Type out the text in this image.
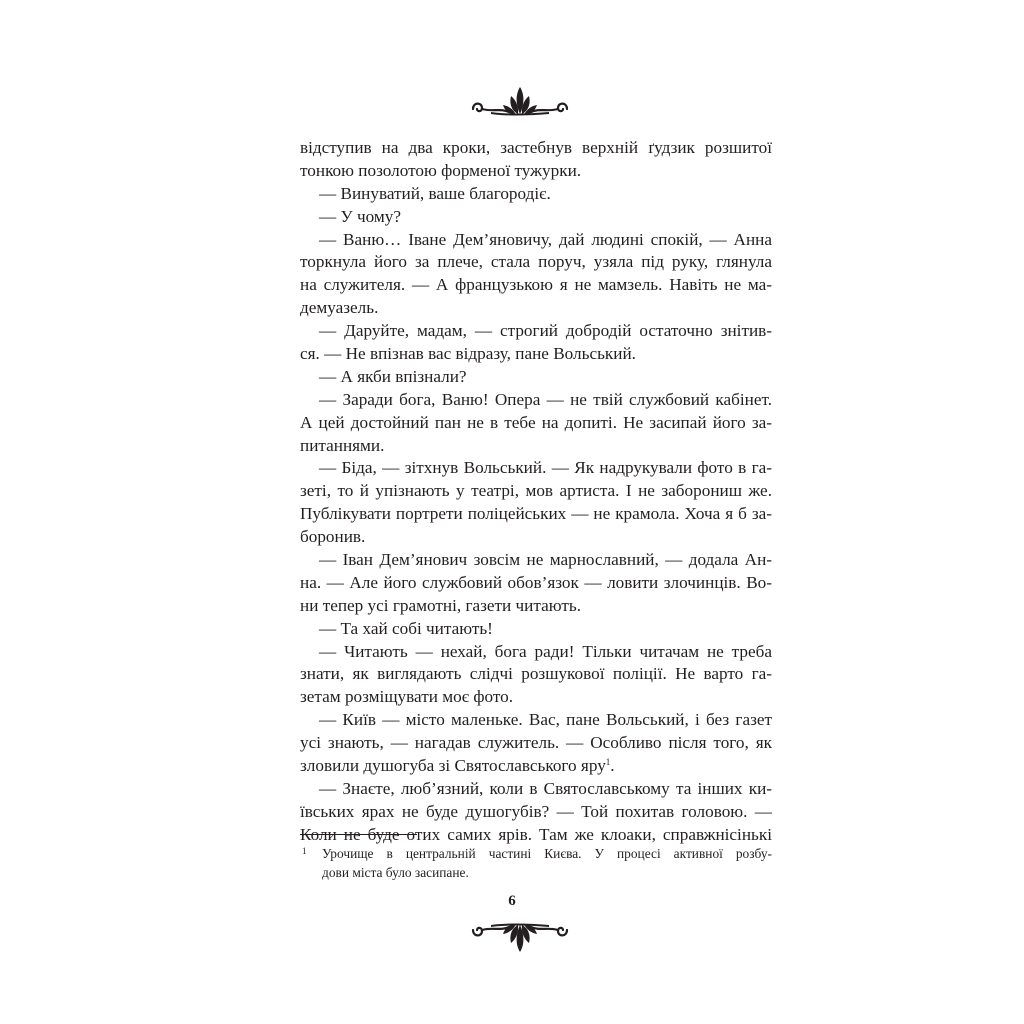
відступив на два кроки, застебнув верхній ґудзик розшитої
тонкою позолотою форменої тужурки.
— Винуватий, ваше благородіє.
— У чому?
— Ваню… Іване Дем’яновичу, дай людині спокій, — Анна
торкнула його за плече, стала поруч, узяла під руку, глянула
на служителя. — А французькою я не мамзель. Навіть не ма-
демуазель.
— Даруйте, мадам, — строгий добродій остаточно знітив-
ся. — Не впізнав вас відразу, пане Вольський.
— А якби впізнали?
— Заради бога, Ваню! Опера — не твій службовий кабінет.
А цей достойний пан не в тебе на допиті. Не засипай його за-
питаннями.
— Біда, — зітхнув Вольський. — Як надрукували фото в га-
зеті, то й упізнають у театрі, мов артиста. І не заборониш же.
Публікувати портрети поліцейських — не крамола. Хоча я б за-
боронив.
— Іван Дем’янович зовсім не марнославний, — додала Ан-
на. — Але його службовий обов’язок — ловити злочинців. Во-
ни тепер усі грамотні, газети читають.
— Та хай собі читають!
— Читають — нехай, бога ради! Тільки читачам не треба
знати, як виглядають слідчі розшукової поліції. Не варто га-
зетам розміщувати моє фото.
— Київ — місто маленьке. Вас, пане Вольський, і без газет
усі знають, — нагадав служитель. — Особливо після того, як
зловили душогуба зі Святославського яру$^1$.
— Знаєте, люб’язний, коли в Святославському та інших ки-
ївських ярах не буде душогубів? — Той похитав головою. —
Коли не буде отих самих ярів. Там же клоаки, справжнісінькі
1	Урочище в центральній частині Києва. У процесі активної розбу-
дови міста було засипане.
6
